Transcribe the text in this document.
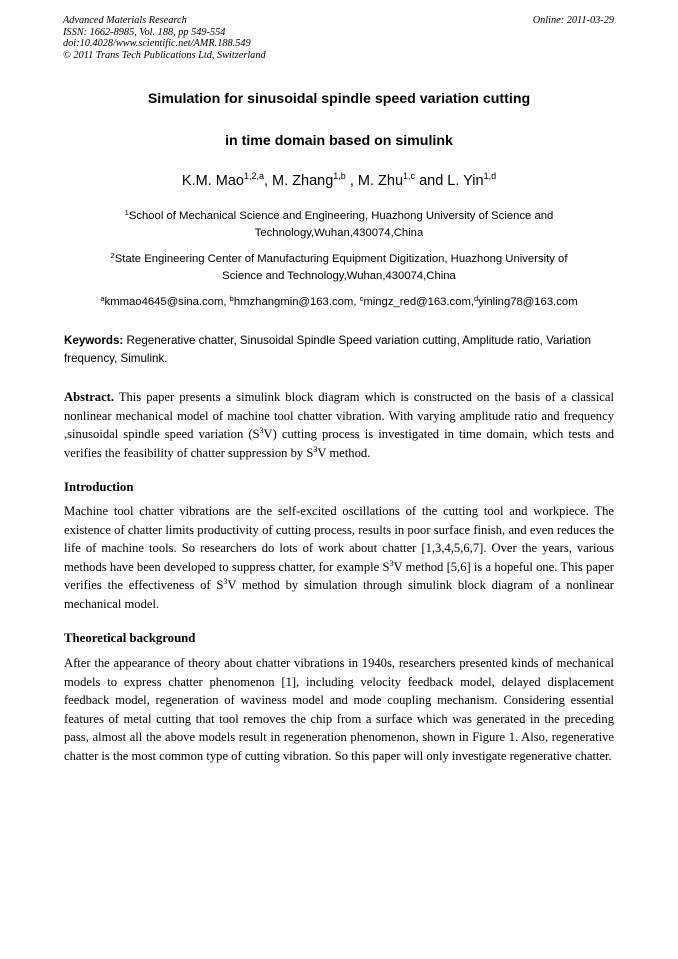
Advanced Materials Research
ISSN: 1662-8985, Vol. 188, pp 549-554
doi:10.4028/www.scientific.net/AMR.188.549
© 2011 Trans Tech Publications Ltd, Switzerland
Online: 2011-03-29
Simulation for sinusoidal spindle speed variation cutting
in time domain based on simulink
K.M. Mao$^{1,2,a}$, M. Zhang$^{1,b}$ , M. Zhu$^{1,c}$ and L. Yin$^{1,d}$
$^1$School of Mechanical Science and Engineering, Huazhong University of Science and
Technology,Wuhan,430074,China
$^2$State Engineering Center of Manufacturing Equipment Digitization, Huazhong University of
Science and Technology,Wuhan,430074,China
$^a$kmmao4645@sina.com, $^b$hmzhangmin@163.com, $^c$mingz_red@163.com,$^d$yinling78@163.com
Keywords: Regenerative chatter, Sinusoidal Spindle Speed variation cutting, Amplitude ratio, Variation frequency, Simulink.
Abstract. This paper presents a simulink block diagram which is constructed on the basis of a classical nonlinear mechanical model of machine tool chatter vibration. With varying amplitude ratio and frequency ,sinusoidal spindle speed variation $(S^3V)$ cutting process is investigated in time domain, which tests and verifies the feasibility of chatter suppression by $S^3V$ method.
Introduction
Machine tool chatter vibrations are the self-excited oscillations of the cutting tool and workpiece. The existence of chatter limits productivity of cutting process, results in poor surface finish, and even reduces the life of machine tools. So researchers do lots of work about chatter [1,3,4,5,6,7]. Over the years, various methods have been developed to suppress chatter, for example $S^3V$ method [5,6] is a hopeful one. This paper verifies the effectiveness of $S^3V$ method by simulation through simulink block diagram of a nonlinear mechanical model.
Theoretical background
After the appearance of theory about chatter vibrations in 1940s, researchers presented kinds of mechanical models to express chatter phenomenon [1], including velocity feedback model, delayed displacement feedback model, regeneration of waviness model and mode coupling mechanism. Considering essential features of metal cutting that tool removes the chip from a surface which was generated in the preceding pass, almost all the above models result in regeneration phenomenon, shown in Figure 1. Also, regenerative chatter is the most common type of cutting vibration. So this paper will only investigate regenerative chatter.
